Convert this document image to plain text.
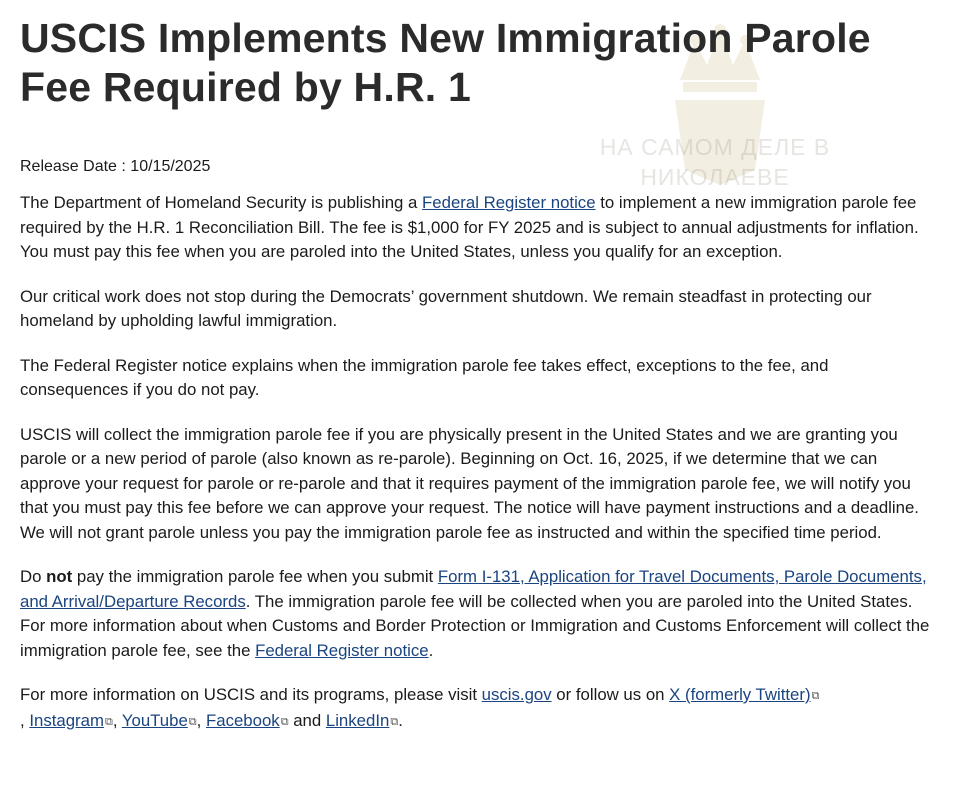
НА САМОМ ДЕЛЕ В
НИКОЛАЕВЕ
USCIS Implements New Immigration Parole Fee Required by H.R. 1
Release Date : 10/15/2025

The Department of Homeland Security is publishing a Federal Register notice to implement a new immigration parole fee required by the H.R. 1 Reconciliation Bill. The fee is $1,000 for FY 2025 and is subject to annual adjustments for inflation. You must pay this fee when you are paroled into the United States, unless you qualify for an exception.

Our critical work does not stop during the Democrats’ government shutdown. We remain steadfast in protecting our homeland by upholding lawful immigration.

The Federal Register notice explains when the immigration parole fee takes effect, exceptions to the fee, and consequences if you do not pay.

USCIS will collect the immigration parole fee if you are physically present in the United States and we are granting you parole or a new period of parole (also known as re-parole). Beginning on Oct. 16, 2025, if we determine that we can approve your request for parole or re-parole and that it requires payment of the immigration parole fee, we will notify you that you must pay this fee before we can approve your request. The notice will have payment instructions and a deadline. We will not grant parole unless you pay the immigration parole fee as instructed and within the specified time period.

Do not pay the immigration parole fee when you submit Form I-131, Application for Travel Documents, Parole Documents, and Arrival/Departure Records. The immigration parole fee will be collected when you are paroled into the United States. For more information about when Customs and Border Protection or Immigration and Customs Enforcement will collect the immigration parole fee, see the Federal Register notice.

For more information on USCIS and its programs, please visit uscis.gov or follow us on X (formerly Twitter)⧉
, Instagram⧉, YouTube⧉, Facebook⧉ and LinkedIn⧉.
